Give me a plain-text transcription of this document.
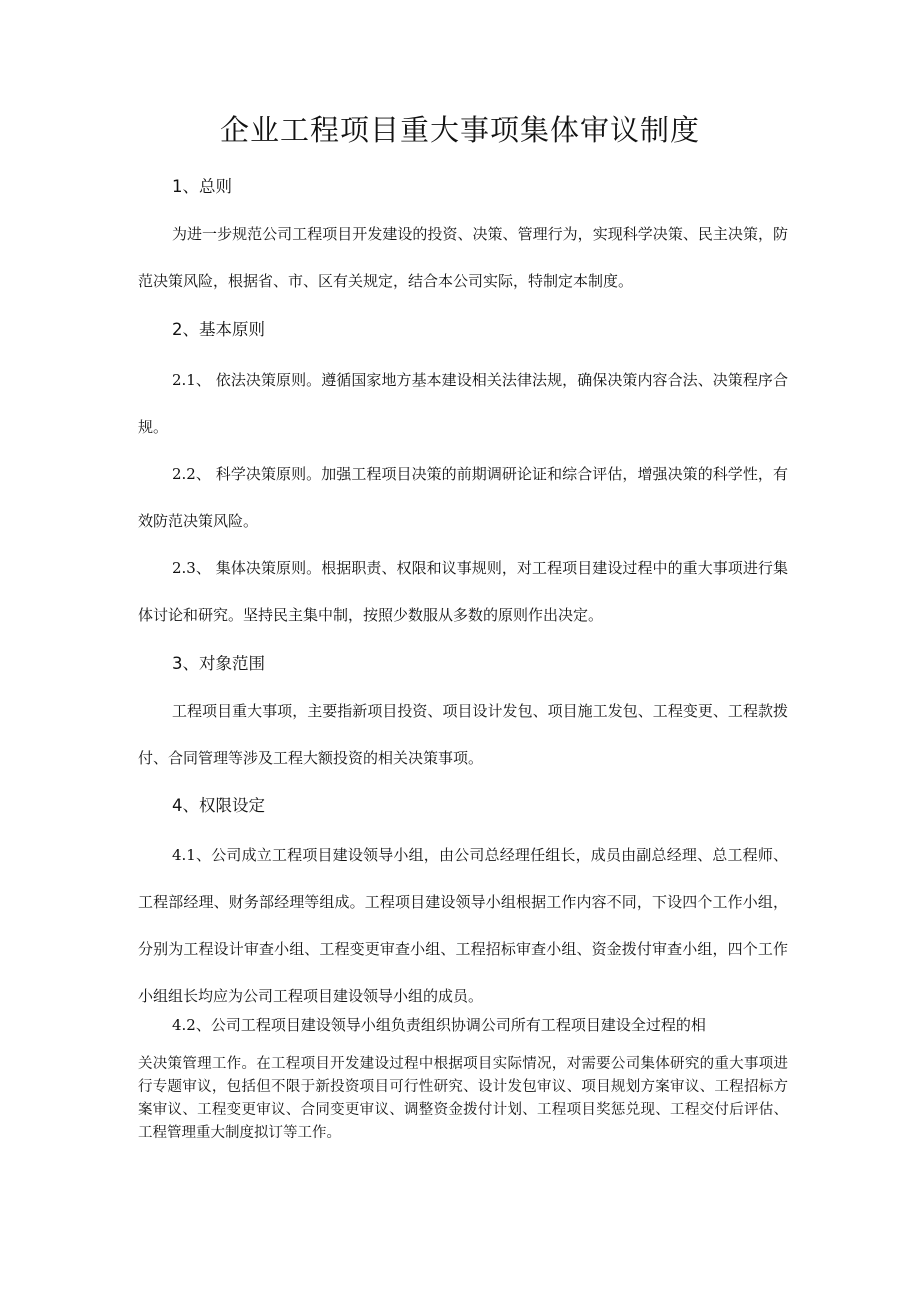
企业工程项目重大事项集体审议制度
1、总则

为进一步规范公司工程项目开发建设的投资、决策、管理行为，实现科学决策、民主决策，防范决策风险，根据省、市、区有关规定，结合本公司实际，特制定本制度。

2、基本原则

2.1、 依法决策原则。遵循国家地方基本建设相关法律法规，确保决策内容合法、决策程序合规。

2.2、 科学决策原则。加强工程项目决策的前期调研论证和综合评估，增强决策的科学性，有效防范决策风险。

2.3、 集体决策原则。根据职责、权限和议事规则，对工程项目建设过程中的重大事项进行集体讨论和研究。坚持民主集中制，按照少数服从多数的原则作出决定。

3、对象范围

工程项目重大事项，主要指新项目投资、项目设计发包、项目施工发包、工程变更、工程款拨付、合同管理等涉及工程大额投资的相关决策事项。

4、权限设定

4.1、公司成立工程项目建设领导小组，由公司总经理任组长，成员由副总经理、总工程师、工程部经理、财务部经理等组成。工程项目建设领导小组根据工作内容不同，下设四个工作小组，分别为工程设计审查小组、工程变更审查小组、工程招标审查小组、资金拨付审查小组，四个工作小组组长均应为公司工程项目建设领导小组的成员。

4.2、公司工程项目建设领导小组负责组织协调公司所有工程项目建设全过程的相

关决策管理工作。在工程项目开发建设过程中根据项目实际情况，对需要公司集体研究的重大事项进行专题审议，包括但不限于新投资项目可行性研究、设计发包审议、项目规划方案审议、工程招标方案审议、工程变更审议、合同变更审议、调整资金拨付计划、工程项目奖惩兑现、工程交付后评估、工程管理重大制度拟订等工作。
